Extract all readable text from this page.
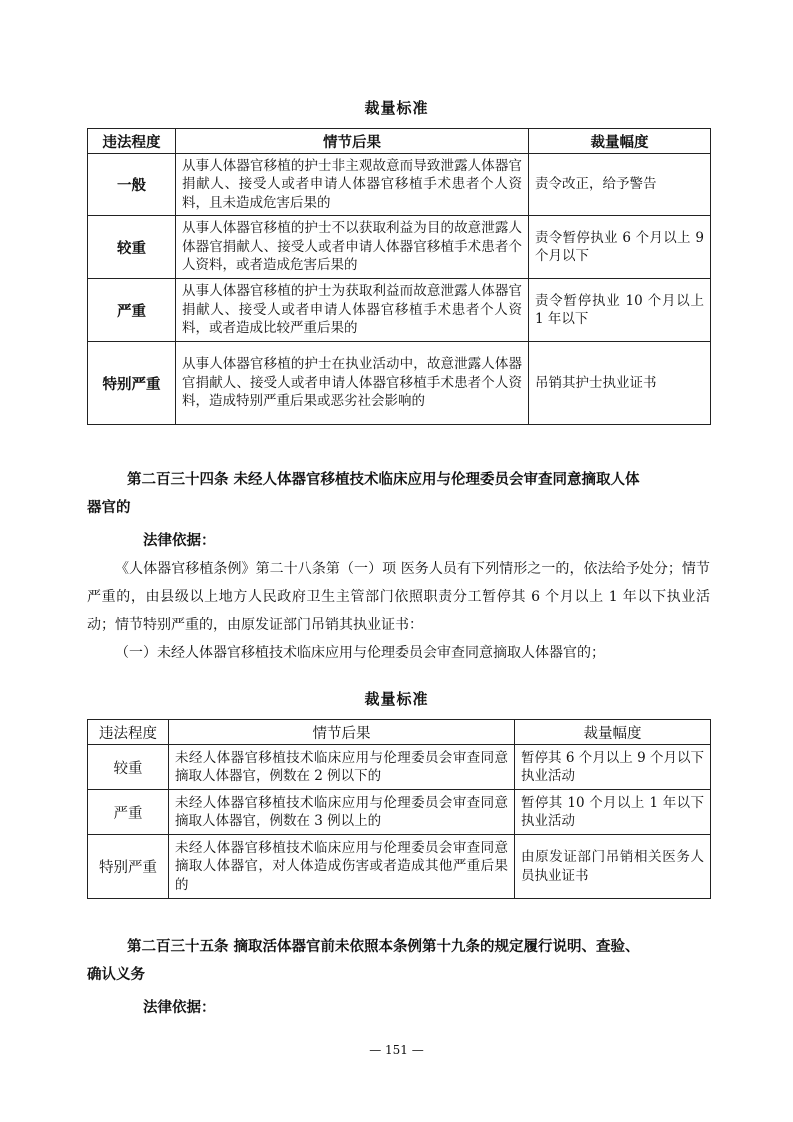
裁量标准
违法程度	情节后果	裁量幅度
一般	从事人体器官移植的护士非主观故意而导致泄露人体器官捐献人、接受人或者申请人体器官移植手术患者个人资料，且未造成危害后果的	责令改正，给予警告
较重	从事人体器官移植的护士不以获取利益为目的故意泄露人体器官捐献人、接受人或者申请人体器官移植手术患者个人资料，或者造成危害后果的	责令暂停执业 6 个月以上 9 个月以下
严重	从事人体器官移植的护士为获取利益而故意泄露人体器官捐献人、接受人或者申请人体器官移植手术患者个人资料，或者造成比较严重后果的	责令暂停执业 10 个月以上 1 年以下
特别严重	从事人体器官移植的护士在执业活动中，故意泄露人体器官捐献人、接受人或者申请人体器官移植手术患者个人资料，造成特别严重后果或恶劣社会影响的	吊销其护士执业证书
第二百三十四条 未经人体器官移植技术临床应用与伦理委员会审查同意摘取人体
器官的
法律依据：
《人体器官移植条例》第二十八条第（一）项 医务人员有下列情形之一的，依法给予处分；情节严重的，由县级以上地方人民政府卫生主管部门依照职责分工暂停其 6 个月以上 1 年以下执业活动；情节特别严重的，由原发证部门吊销其执业证书：
（一）未经人体器官移植技术临床应用与伦理委员会审查同意摘取人体器官的；
裁量标准
违法程度	情节后果	裁量幅度
较重	未经人体器官移植技术临床应用与伦理委员会审查同意摘取人体器官，例数在 2 例以下的	暂停其 6 个月以上 9 个月以下执业活动
严重	未经人体器官移植技术临床应用与伦理委员会审查同意摘取人体器官，例数在 3 例以上的	暂停其 10 个月以上 1 年以下执业活动
特别严重	未经人体器官移植技术临床应用与伦理委员会审查同意摘取人体器官，对人体造成伤害或者造成其他严重后果的	由原发证部门吊销相关医务人员执业证书
第二百三十五条 摘取活体器官前未依照本条例第十九条的规定履行说明、查验、
确认义务
法律依据：
— 151 —
